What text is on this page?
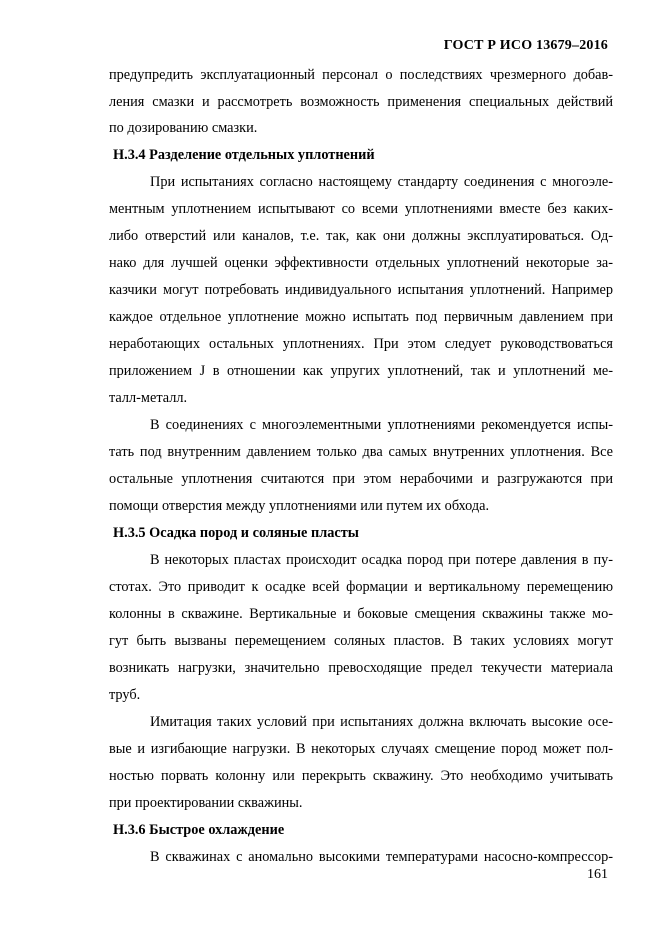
ГОСТ Р ИСО 13679–2016
предупредить эксплуатационный персонал о последствиях чрезмерного добав-
ления смазки и рассмотреть возможность применения специальных действий
по дозированию смазки.
Н.3.4 Разделение отдельных уплотнений
При испытаниях согласно настоящему стандарту соединения с многоэле-
ментным уплотнением испытывают со всеми уплотнениями вместе без каких-
либо отверстий или каналов, т.е. так, как они должны эксплуатироваться. Од-
нако для лучшей оценки эффективности отдельных уплотнений некоторые за-
казчики могут потребовать индивидуального испытания уплотнений. Например
каждое отдельное уплотнение можно испытать под первичным давлением при
неработающих остальных уплотнениях. При этом следует руководствоваться
приложением J в отношении как упругих уплотнений, так и уплотнений ме-
талл-металл.
В соединениях с многоэлементными уплотнениями рекомендуется испы-
тать под внутренним давлением только два самых внутренних уплотнения. Все
остальные уплотнения считаются при этом нерабочими и разгружаются при
помощи отверстия между уплотнениями или путем их обхода.
Н.3.5 Осадка пород и соляные пласты
В некоторых пластах происходит осадка пород при потере давления в пу-
стотах. Это приводит к осадке всей формации и вертикальному перемещению
колонны в скважине. Вертикальные и боковые смещения скважины также мо-
гут быть вызваны перемещением соляных пластов. В таких условиях могут
возникать нагрузки, значительно превосходящие предел текучести материала
труб.
Имитация таких условий при испытаниях должна включать высокие осе-
вые и изгибающие нагрузки. В некоторых случаях смещение пород может пол-
ностью порвать колонну или перекрыть скважину. Это необходимо учитывать
при проектировании скважины.
Н.3.6 Быстрое охлаждение
В скважинах с аномально высокими температурами насосно-компрессор-
161
